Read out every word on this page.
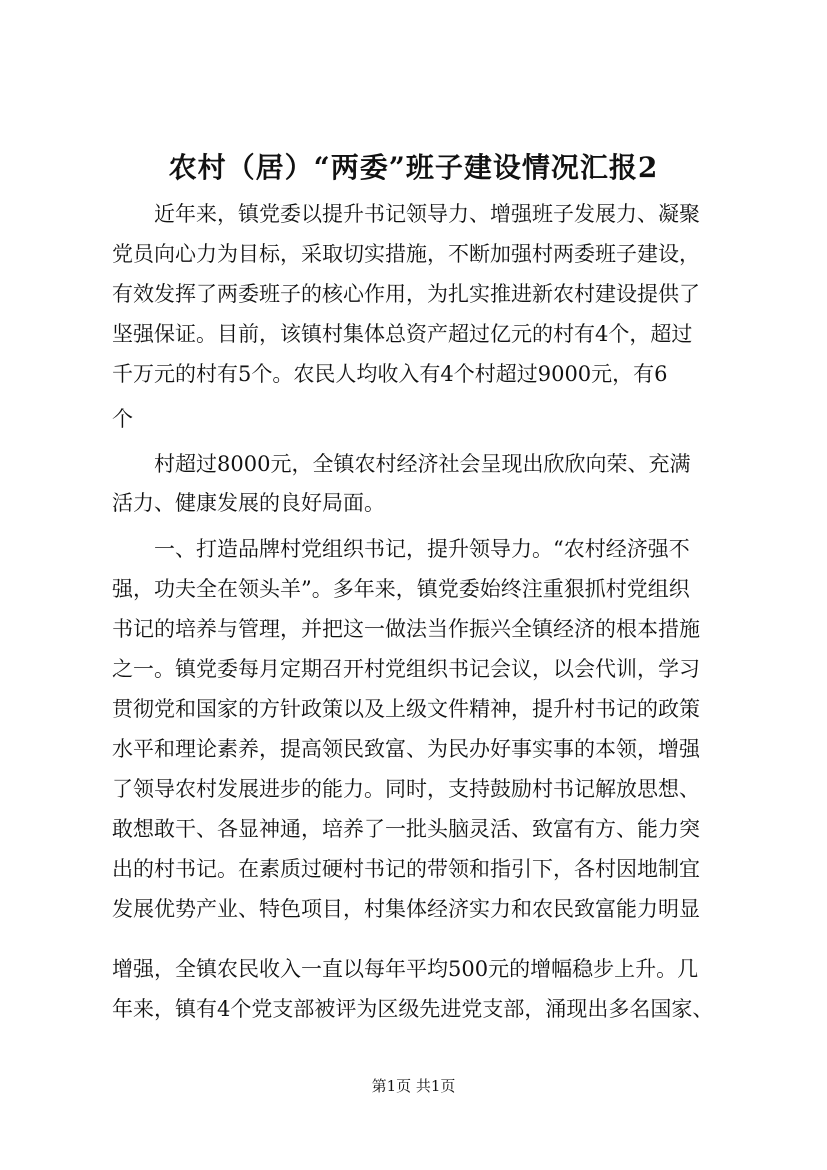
农村（居）“两委”班子建设情况汇报2

近年来，镇党委以提升书记领导力、增强班子发展力、凝聚

党员向心力为目标，采取切实措施，不断加强村两委班子建设，

有效发挥了两委班子的核心作用，为扎实推进新农村建设提供了

坚强保证。目前，该镇村集体总资产超过亿元的村有4个，超过

千万元的村有5个。农民人均收入有4个村超过9000元，有6

个

村超过8000元，全镇农村经济社会呈现出欣欣向荣、充满

活力、健康发展的良好局面。

一、打造品牌村党组织书记，提升领导力。“农村经济强不

强，功夫全在领头羊”。多年来，镇党委始终注重狠抓村党组织

书记的培养与管理，并把这一做法当作振兴全镇经济的根本措施

之一。镇党委每月定期召开村党组织书记会议，以会代训，学习

贯彻党和国家的方针政策以及上级文件精神，提升村书记的政策

水平和理论素养，提高领民致富、为民办好事实事的本领，增强

了领导农村发展进步的能力。同时，支持鼓励村书记解放思想、

敢想敢干、各显神通，培养了一批头脑灵活、致富有方、能力突

出的村书记。在素质过硬村书记的带领和指引下，各村因地制宜

发展优势产业、特色项目，村集体经济实力和农民致富能力明显

增强，全镇农民收入一直以每年平均500元的增幅稳步上升。几

年来，镇有4个党支部被评为区级先进党支部，涌现出多名国家、

第1页 共1页
